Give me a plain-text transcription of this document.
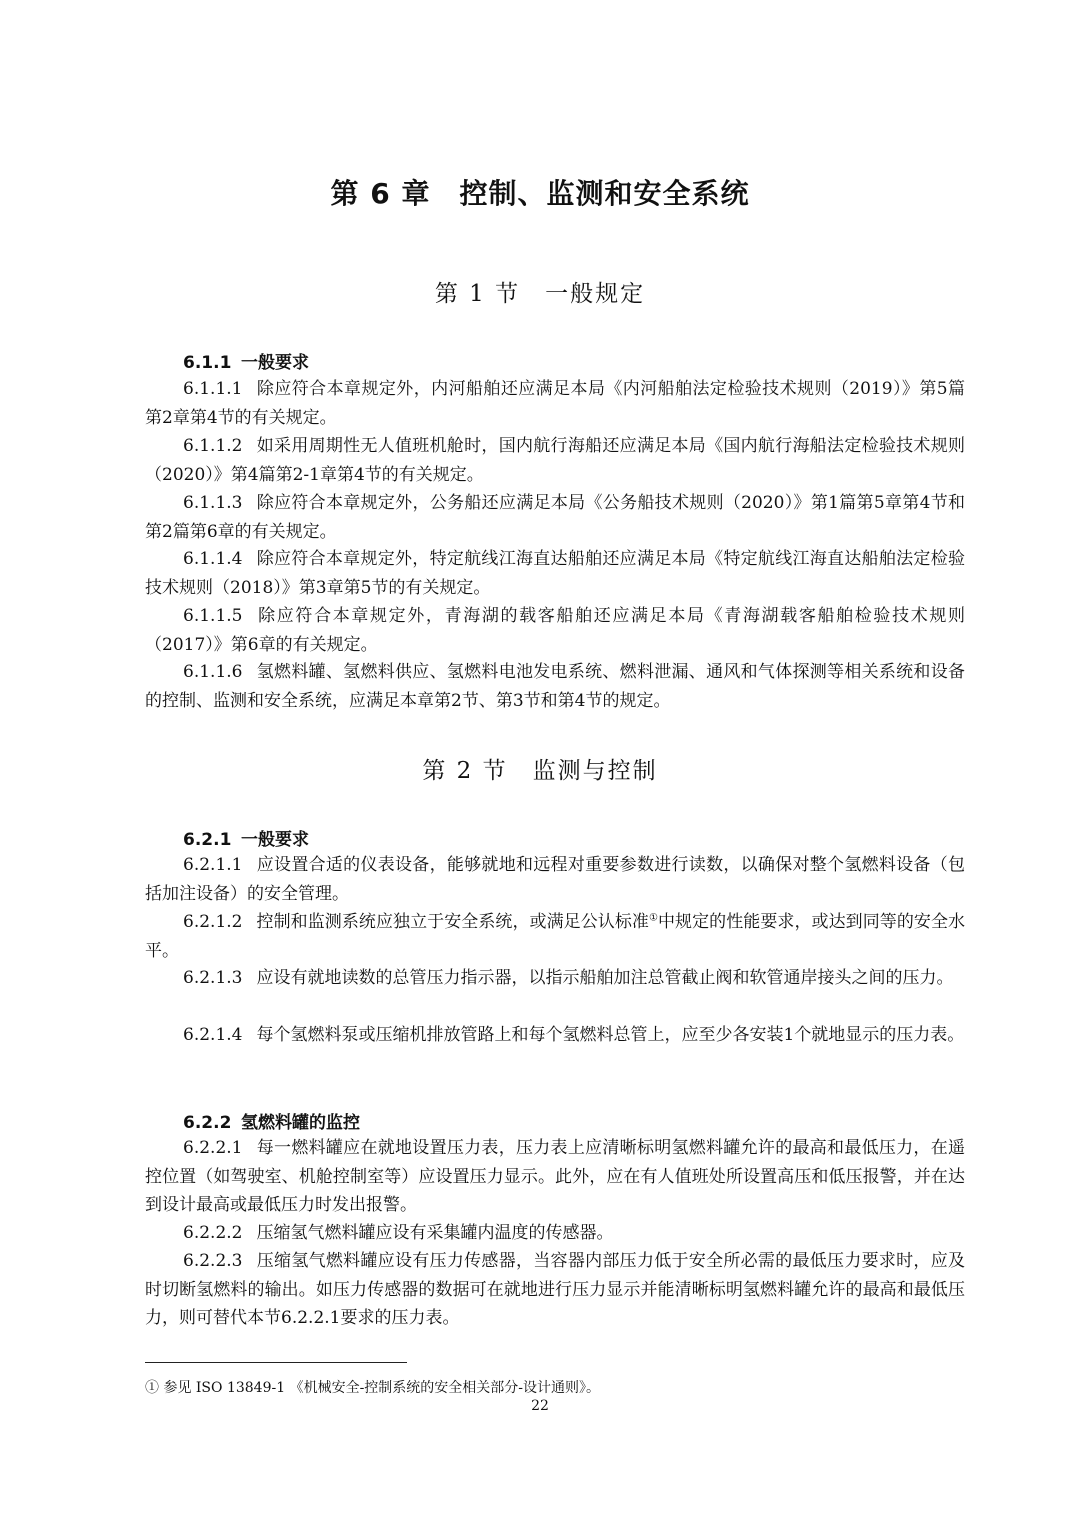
第 6 章　控制、监测和安全系统
第 1 节　一般规定
6.1.1 一般要求
6.1.1.1 除应符合本章规定外，内河船舶还应满足本局《内河船舶法定检验技术规则（2019）》第5篇第2章第4节的有关规定。
6.1.1.2 如采用周期性无人值班机舱时，国内航行海船还应满足本局《国内航行海船法定检验技术规则（2020）》第4篇第2-1章第4节的有关规定。
6.1.1.3 除应符合本章规定外，公务船还应满足本局《公务船技术规则（2020）》第1篇第5章第4节和第2篇第6章的有关规定。
6.1.1.4 除应符合本章规定外，特定航线江海直达船舶还应满足本局《特定航线江海直达船舶法定检验技术规则（2018）》第3章第5节的有关规定。
6.1.1.5 除应符合本章规定外，青海湖的载客船舶还应满足本局《青海湖载客船舶检验技术规则（2017）》第6章的有关规定。
6.1.1.6 氢燃料罐、氢燃料供应、氢燃料电池发电系统、燃料泄漏、通风和气体探测等相关系统和设备的控制、监测和安全系统，应满足本章第2节、第3节和第4节的规定。
第 2 节　监测与控制
6.2.1 一般要求
6.2.1.1 应设置合适的仪表设备，能够就地和远程对重要参数进行读数，以确保对整个氢燃料设备（包括加注设备）的安全管理。
6.2.1.2 控制和监测系统应独立于安全系统，或满足公认标准①中规定的性能要求，或达到同等的安全水平。
6.2.1.3 应设有就地读数的总管压力指示器，以指示船舶加注总管截止阀和软管通岸接头之间的压力。
6.2.1.4 每个氢燃料泵或压缩机排放管路上和每个氢燃料总管上，应至少各安装1个就地显示的压力表。
6.2.2 氢燃料罐的监控
6.2.2.1 每一燃料罐应在就地设置压力表，压力表上应清晰标明氢燃料罐允许的最高和最低压力，在遥控位置（如驾驶室、机舱控制室等）应设置压力显示。此外，应在有人值班处所设置高压和低压报警，并在达到设计最高或最低压力时发出报警。
6.2.2.2 压缩氢气燃料罐应设有采集罐内温度的传感器。
6.2.2.3 压缩氢气燃料罐应设有压力传感器，当容器内部压力低于安全所必需的最低压力要求时，应及时切断氢燃料的输出。如压力传感器的数据可在就地进行压力显示并能清晰标明氢燃料罐允许的最高和最低压力，则可替代本节6.2.2.1要求的压力表。
① 参见 ISO 13849-1 《机械安全-控制系统的安全相关部分-设计通则》。
22
